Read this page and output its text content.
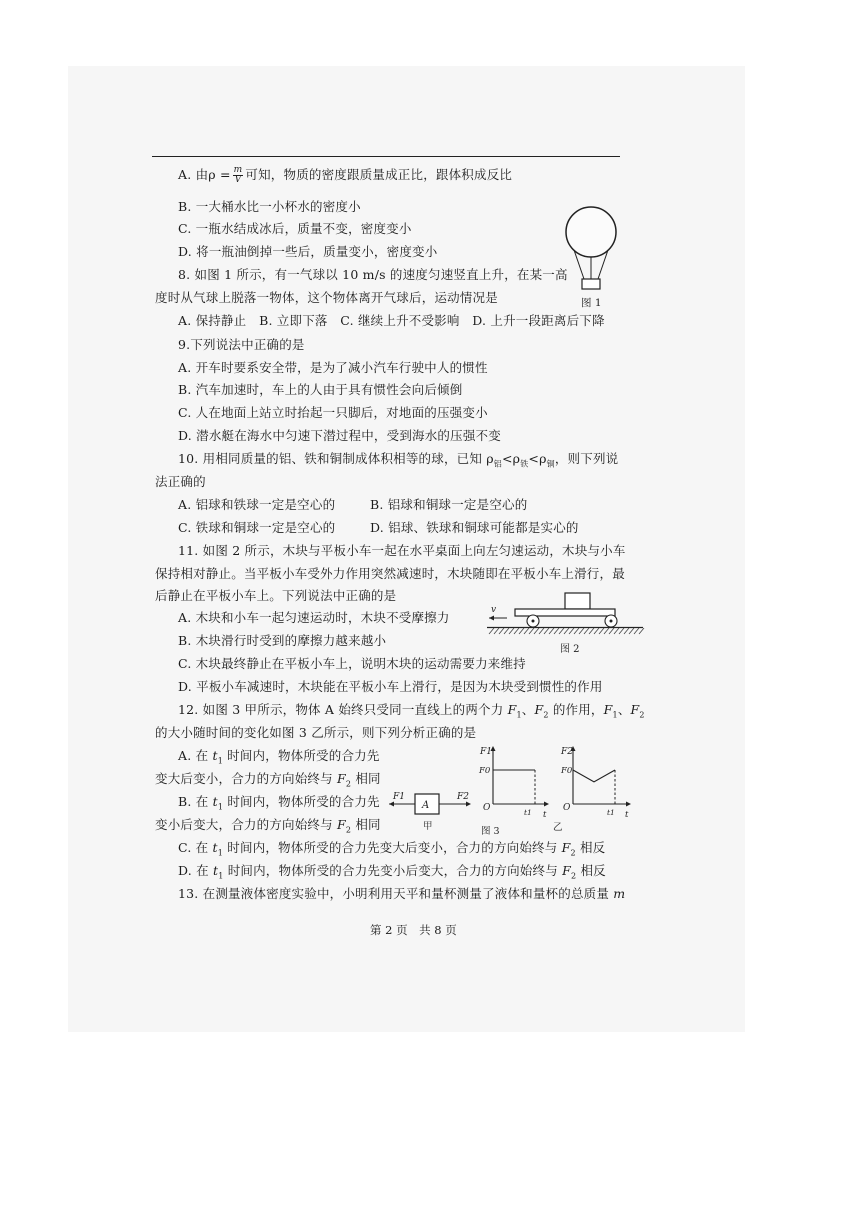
A. 由$\rho = \frac{m}{V}$ 可知，物质的密度跟质量成正比，跟体积成反比
B. 一大桶水比一小杯水的密度小
C. 一瓶水结成冰后，质量不变，密度变小
D. 将一瓶油倒掉一些后，质量变小，密度变小
8. 如图 1 所示，有一气球以 10 m/s 的速度匀速竖直上升，在某一高
度时从气球上脱落一物体，这个物体离开气球后，运动情况是
A. 保持静止　B. 立即下落　C. 继续上升不受影响　D. 上升一段距离后下降
图 1
9.下列说法中正确的是
A. 开车时要系安全带，是为了减小汽车行驶中人的惯性
B. 汽车加速时，车上的人由于具有惯性会向后倾倒
C. 人在地面上站立时抬起一只脚后，对地面的压强变小
D. 潜水艇在海水中匀速下潜过程中，受到海水的压强不变
10. 用相同质量的铝、铁和铜制成体积相等的球，已知 $\rho_铝<\rho_铁<\rho_铜$，则下列说
法正确的
A. 铝球和铁球一定是空心的	B. 铝球和铜球一定是空心的
C. 铁球和铜球一定是空心的	D. 铝球、铁球和铜球可能都是实心的
11. 如图 2 所示，木块与平板小车一起在水平桌面上向左匀速运动，木块与小车
保持相对静止。当平板小车受外力作用突然减速时，木块随即在平板小车上滑行，最
后静止在平板小车上。下列说法中正确的是
A. 木块和小车一起匀速运动时，木块不受摩擦力
B. 木块滑行时受到的摩擦力越来越小
C. 木块最终静止在平板小车上，说明木块的运动需要力来维持
D. 平板小车减速时，木块能在平板小车上滑行，是因为木块受到惯性的作用
v
图 2
12. 如图 3 甲所示，物体 A 始终只受同一直线上的两个力 $F_1$、$F_2$ 的作用，$F_1$、$F_2$
的大小随时间的变化如图 3 乙所示，则下列分析正确的是
A. 在 $t_1$ 时间内，物体所受的合力先
变大后变小，合力的方向始终与 $F_2$ 相同
B. 在 $t_1$ 时间内，物体所受的合力先
变小后变大，合力的方向始终与 $F_2$ 相同
C. 在 $t_1$ 时间内，物体所受的合力先变大后变小，合力的方向始终与 $F_2$ 相反
D. 在 $t_1$ 时间内，物体所受的合力先变小后变大，合力的方向始终与 $F_2$ 相反
F1
A
F2
甲
F1
F0
O
t
t1
F2
F0
O
t
t1
图 3	乙
13. 在测量液体密度实验中，小明利用天平和量杯测量了液体和量杯的总质量 m
第 2 页　共 8 页
